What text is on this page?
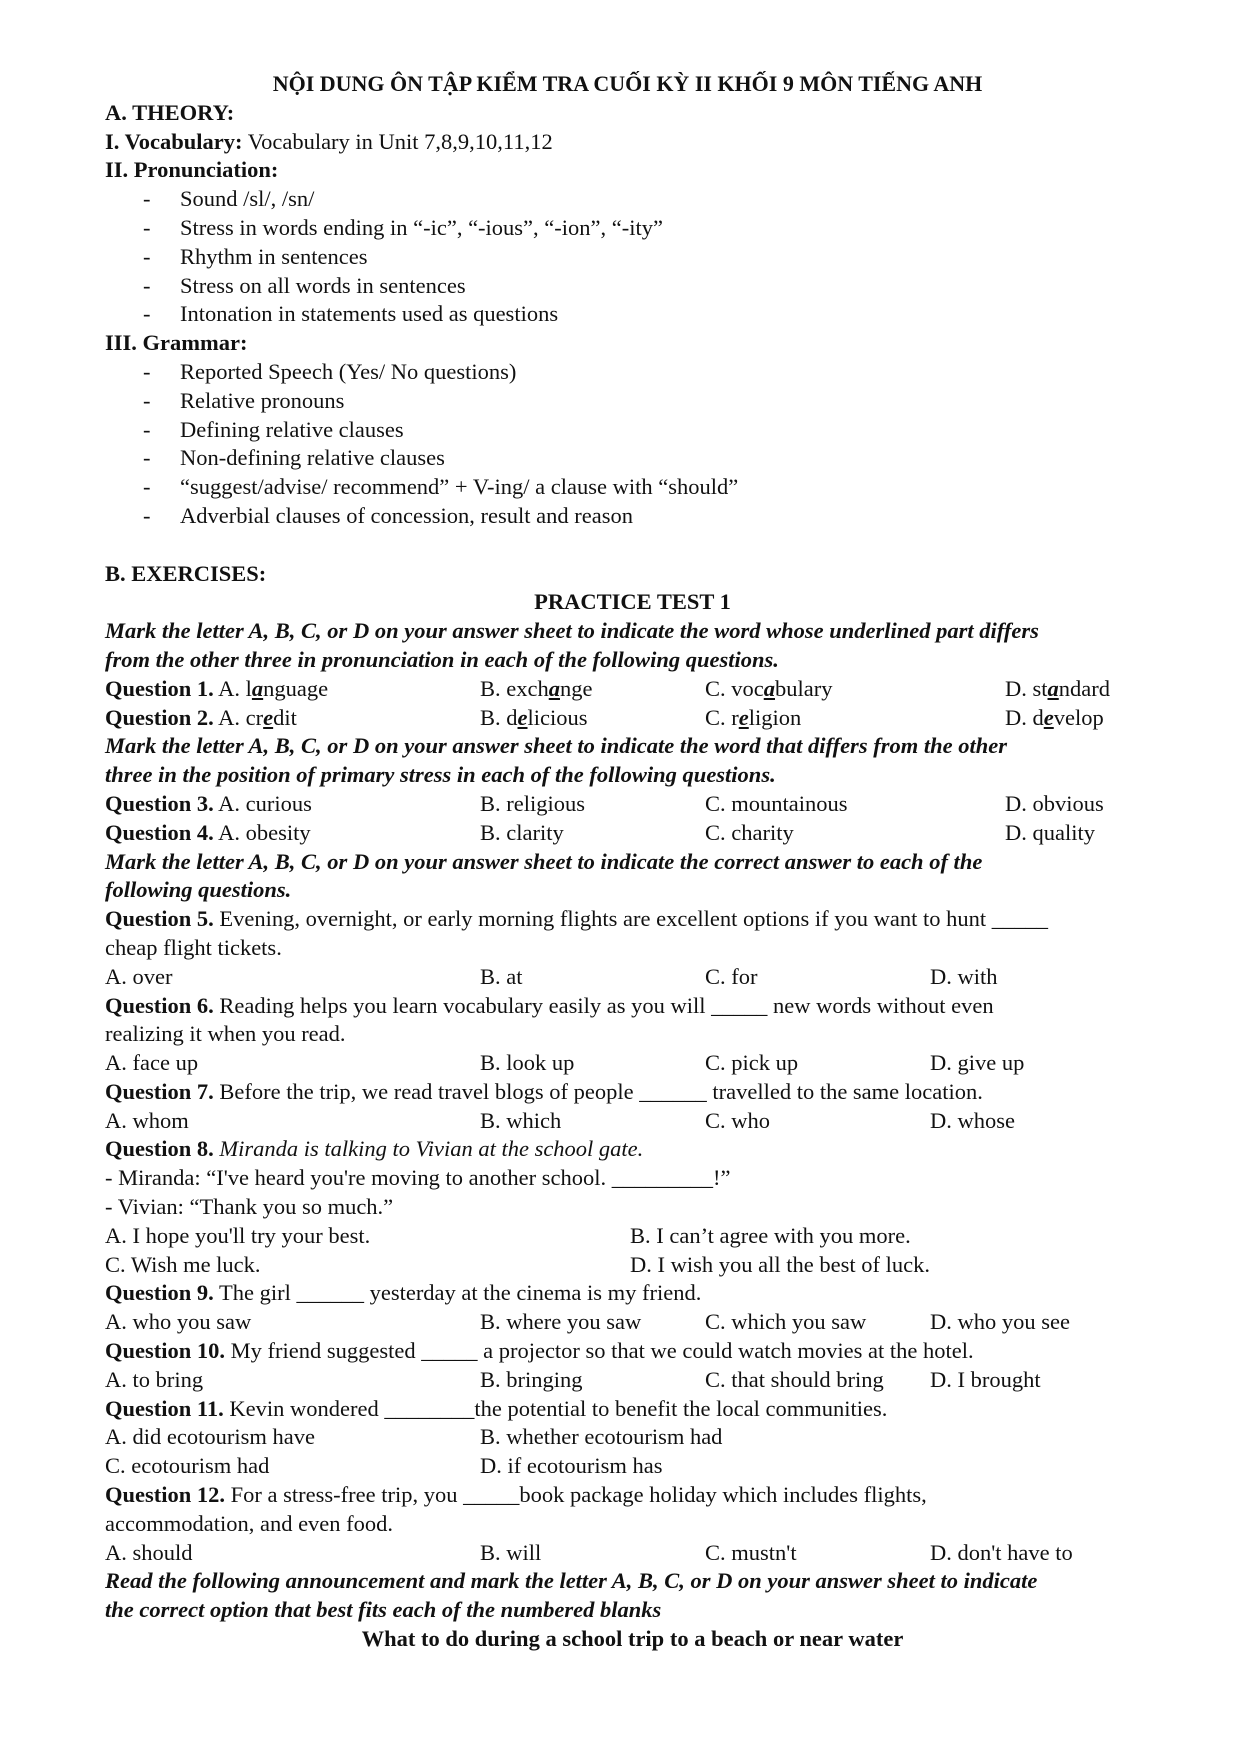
NỘI DUNG ÔN TẬP KIỂM TRA CUỐI KỲ II KHỐI 9 MÔN TIẾNG ANH
A. THEORY:
I. Vocabulary: Vocabulary in Unit 7,8,9,10,11,12
II. Pronunciation:
- Sound /sl/, /sn/
- Stress in words ending in “-ic”, “-ious”, “-ion”, “-ity”
- Rhythm in sentences
- Stress on all words in sentences
- Intonation in statements used as questions
III. Grammar:
- Reported Speech (Yes/ No questions)
- Relative pronouns
- Defining relative clauses
- Non-defining relative clauses
- “suggest/advise/ recommend” + V-ing/ a clause with “should”
- Adverbial clauses of concession, result and reason
B. EXERCISES:
PRACTICE TEST 1
Mark the letter A, B, C, or D on your answer sheet to indicate the word whose underlined part differs
from the other three in pronunciation in each of the following questions.
Question 1. A. language	B. exchange	C. vocabulary	D. standard
Question 2. A. credit	B. delicious	C. religion	D. develop
Mark the letter A, B, C, or D on your answer sheet to indicate the word that differs from the other
three in the position of primary stress in each of the following questions.
Question 3. A. curious	B. religious	C. mountainous	D. obvious
Question 4. A. obesity	B. clarity	C. charity	D. quality
Mark the letter A, B, C, or D on your answer sheet to indicate the correct answer to each of the
following questions.
Question 5. Evening, overnight, or early morning flights are excellent options if you want to hunt _____
cheap flight tickets.
A. over	B. at	C. for	D. with
Question 6. Reading helps you learn vocabulary easily as you will _____ new words without even
realizing it when you read.
A. face up	B. look up	C. pick up	D. give up
Question 7. Before the trip, we read travel blogs of people ______ travelled to the same location.
A. whom	B. which	C. who	D. whose
Question 8. Miranda is talking to Vivian at the school gate.
- Miranda: “I've heard you're moving to another school. _________!”
- Vivian: “Thank you so much.”
A. I hope you'll try your best.	B. I can’t agree with you more.
C. Wish me luck.	D. I wish you all the best of luck.
Question 9. The girl ______ yesterday at the cinema is my friend.
A. who you saw	B. where you saw	C. which you saw	D. who you see
Question 10. My friend suggested _____ a projector so that we could watch movies at the hotel.
A. to bring	B. bringing	C. that should bring D. I brought
Question 11. Kevin wondered ________the potential to benefit the local communities.
A. did ecotourism have	B. whether ecotourism had
C. ecotourism had	D. if ecotourism has
Question 12. For a stress-free trip, you _____book package holiday which includes flights,
accommodation, and even food.
A. should	B. will	C. mustn't	D. don't have to
Read the following announcement and mark the letter A, B, C, or D on your answer sheet to indicate
the correct option that best fits each of the numbered blanks
What to do during a school trip to a beach or near water
